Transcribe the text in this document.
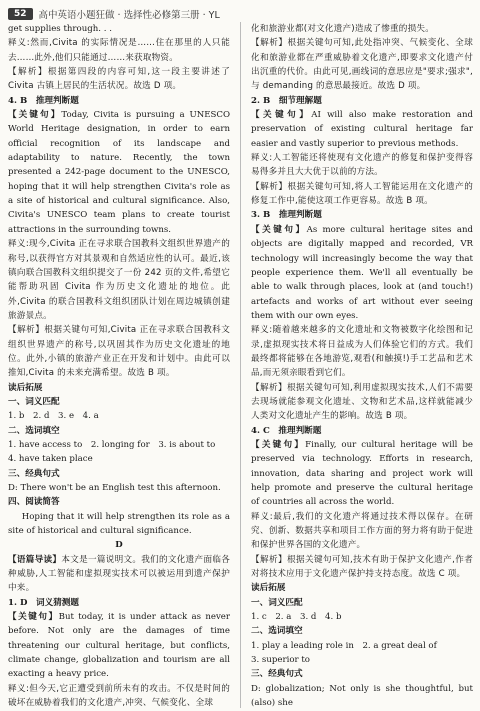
52	高中英语小题狂做 · 选择性必修第三册 · YL

get supplies through. . .

释义:然而,Civita 的实际情况是……住在那里的人只能去……此外,他们只能通过……来获取物资。

【解析】根据第四段的内容可知,这一段主要讲述了 Civita 古镇上居民的生活状况。故选 D 项。

4. B　推理判断题

【关键句】Today, Civita is pursuing a UNESCO World Heritage designation, in order to earn official recognition of its landscape and adaptability to nature. Recently, the town presented a 242-page document to the UNESCO, hoping that it will help strengthen Civita's role as a site of historical and cultural significance. Also, Civita's UNESCO team plans to create tourist attractions in the surrounding towns.

释义:现今,Civita 正在寻求联合国教科文组织世界遗产的称号,以获得官方对其景观和自然适应性的认可。最近,该镇向联合国教科文组织提交了一份 242 页的文件,希望它能帮助巩固 Civita 作为历史文化遗址的地位。此外,Civita 的联合国教科文组织团队计划在周边城镇创建旅游景点。

【解析】根据关键句可知,Civita 正在寻求联合国教科文组织世界遗产的称号,以巩固其作为历史文化遗址的地位。此外,小镇的旅游产业正在开发和计划中。由此可以推知,Civita 的未来充满希望。故选 B 项。

读后拓展

一、词义匹配

1. b　2. d　3. e　4. a

二、选词填空

1. have access to　2. longing for　3. is about to

4. have taken place

三、经典句式

D: There won't be an English test this afternoon.

四、阅读简答

Hoping that it will help strengthen its role as a site of historical and cultural significance.

D

【语篇导读】本文是一篇说明文。我们的文化遗产面临各种威胁,人工智能和虚拟现实技术可以被运用到遗产保护中来。

1. D　词义猜测题

【关键句】But today, it is under attack as never before. Not only are the damages of time threatening our cultural heritage, but conflicts, climate change, globalization and tourism are all exacting a heavy price.

释义:但今天,它正遭受到前所未有的攻击。不仅是时间的破坏在威胁着我们的文化遗产,冲突、气候变化、全球

化和旅游业都(对文化遗产)造成了惨重的损失。

【解析】根据关键句可知,此处指冲突、气候变化、全球化和旅游业都在严重威胁着文化遗产,即要求文化遗产付出沉重的代价。由此可见,画线词的意思应是"要求;强求",与 demanding 的意思最接近。故选 D 项。

2. B　细节理解题

【关键句】AI will also make restoration and preservation of existing cultural heritage far easier and vastly superior to previous methods.

释义:人工智能还将使现有文化遗产的修复和保护变得容易得多并且大大优于以前的方法。

【解析】根据关键句可知,将人工智能运用在文化遗产的修复工作中,能使这项工作更容易。故选 B 项。

3. B　推理判断题

【关键句】As more cultural heritage sites and objects are digitally mapped and recorded, VR technology will increasingly become the way that people experience them. We'll all eventually be able to walk through places, look at (and touch!) artefacts and works of art without ever seeing them with our own eyes.

释义:随着越来越多的文化遗址和文物被数字化绘图和记录,虚拟现实技术将日益成为人们体验它们的方式。我们最终都将能够在各地游览,观看(和触摸!)手工艺品和艺术品,而无须亲眼看到它们。

【解析】根据关键句可知,利用虚拟现实技术,人们不需要去现场就能参观文化遗址、文物和艺术品,这样就能减少人类对文化遗址产生的影响。故选 B 项。

4. C　推理判断题

【关键句】Finally, our cultural heritage will be preserved via technology. Efforts in research, innovation, data sharing and project work will help promote and preserve the cultural heritage of countries all across the world.

释义:最后,我们的文化遗产将通过技术得以保存。在研究、创新、数据共享和项目工作方面的努力将有助于促进和保护世界各国的文化遗产。

【解析】根据关键句可知,技术有助于保护文化遗产,作者对将技术应用于文化遗产保护持支持态度。故选 C 项。

读后拓展

一、词义匹配

1. c　2. a　3. d　4. b

二、选词填空

1. play a leading role in　2. a great deal of

3. superior to

三、经典句式

D: globalization; Not only is she thoughtful, but (also) she
